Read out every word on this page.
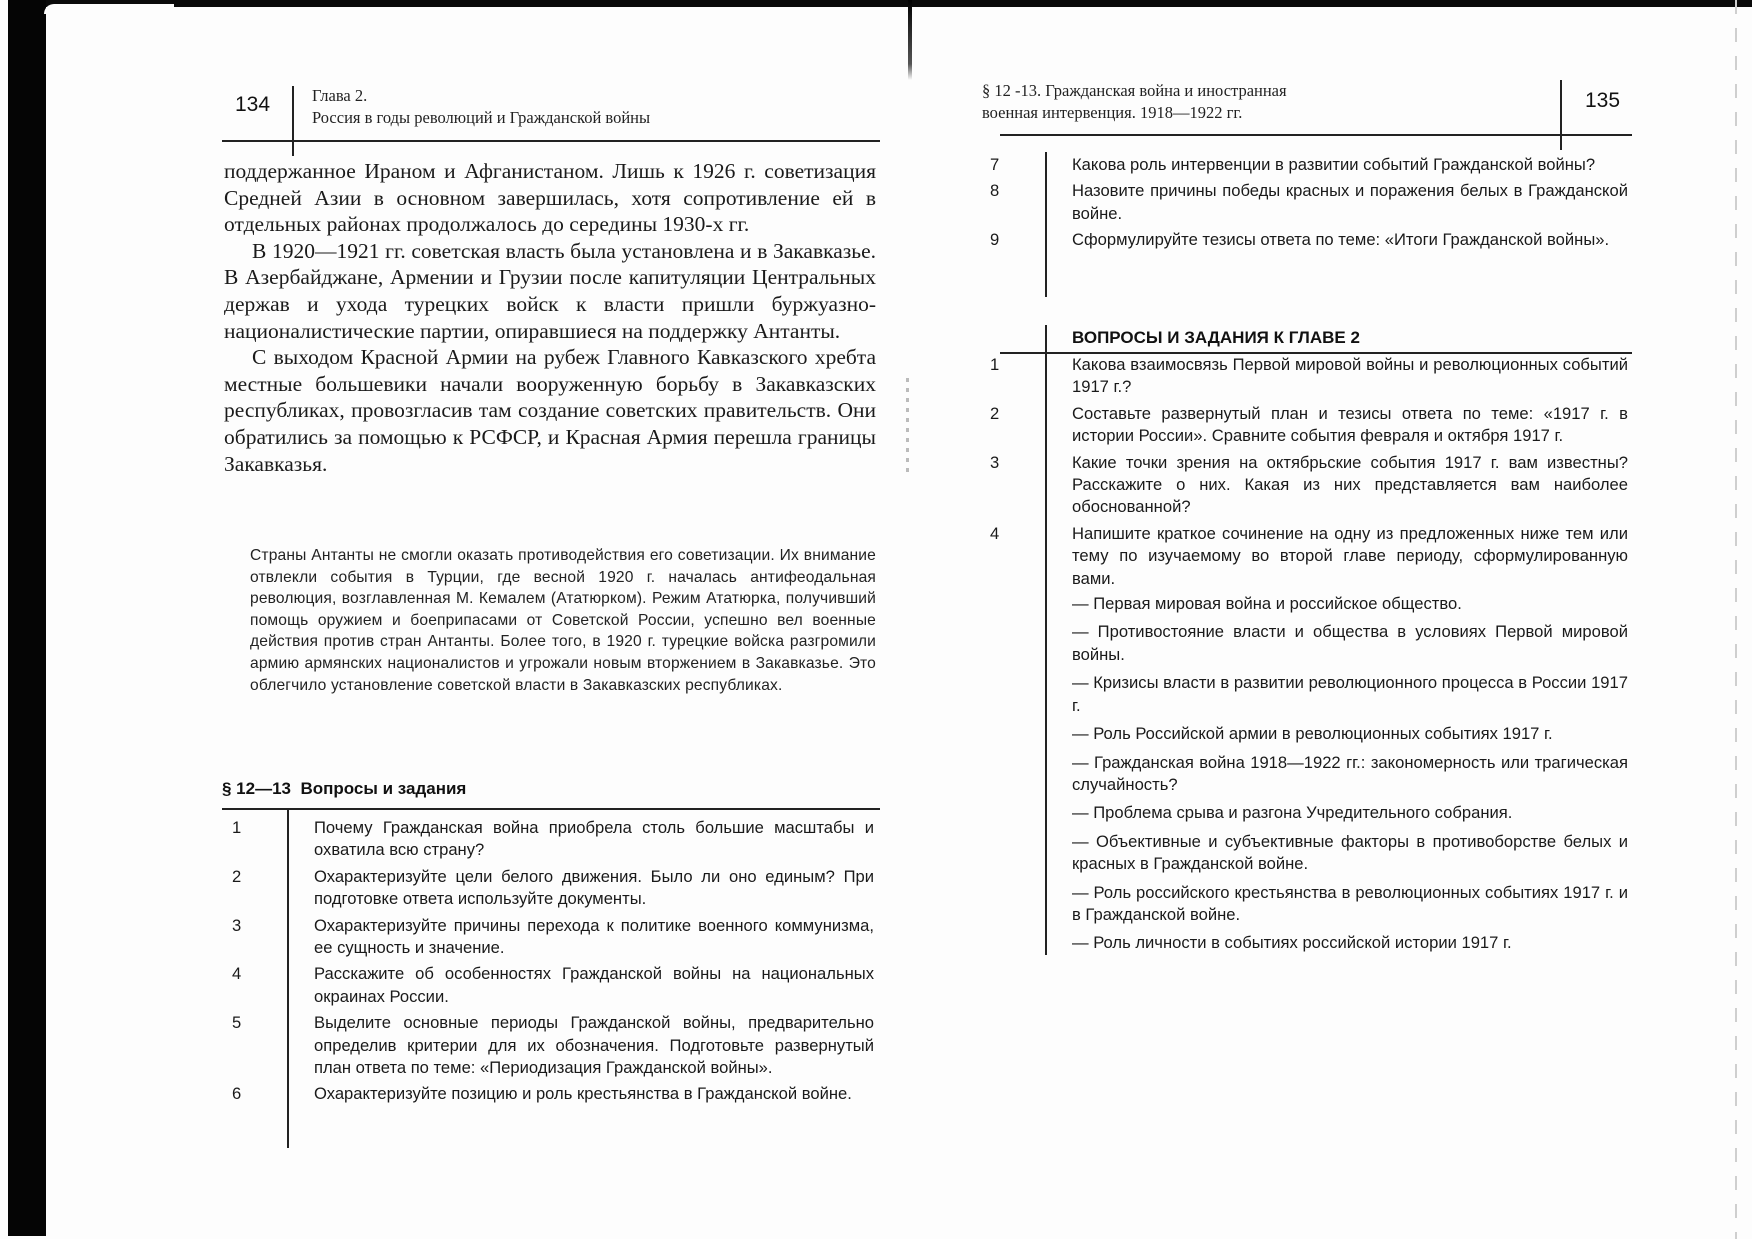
134	Глава 2.
Россия в годы революций и Гражданской войны

поддержанное Ираном и Афганистаном. Лишь к 1926 г. советизация Средней Азии в основном завершилась, хотя сопротивление ей в отдельных районах продолжалось до середины 1930-х гг.

В 1920—1921 гг. советская власть была установлена и в Закавказье. В Азербайджане, Армении и Грузии после капитуляции Центральных держав и ухода турецких войск к власти пришли буржуазно-националистические партии, опиравшиеся на поддержку Антанты.

С выходом Красной Армии на рубеж Главного Кавказского хребта местные большевики начали вооруженную борьбу в Закавказских республиках, провозгласив там создание советских правительств. Они обратились за помощью к РСФСР, и Красная Армия перешла границы Закавказья.

Страны Антанты не смогли оказать противодействия его советизации. Их внимание отвлекли события в Турции, где весной 1920 г. началась антифеодальная революция, возглавленная М. Кемалем (Ататюрком). Режим Ататюрка, получивший помощь оружием и боеприпасами от Советской России, успешно вел военные действия против стран Антанты. Более того, в 1920 г. турецкие войска разгромили армию армянских националистов и угрожали новым вторжением в Закавказье. Это облегчило установление советской власти в Закавказских республиках.
§ 12—13  Вопросы и задания
1	Почему Гражданская война приобрела столь большие масштабы и охватила всю страну?
2	Охарактеризуйте цели белого движения. Было ли оно единым? При подготовке ответа используйте документы.
3	Охарактеризуйте причины перехода к политике военного коммунизма, ее сущность и значение.
4	Расскажите об особенностях Гражданской войны на национальных окраинах России.
5	Выделите основные периоды Гражданской войны, предварительно определив критерии для их обозначения. Подготовьте развернутый план ответа по теме: «Периодизация Гражданской войны».
6	Охарактеризуйте позицию и роль крестьянства в Гражданской войне.
§ 12 -13. Гражданская война и иностранная
военная интервенция. 1918—1922 гг.
135
7	Какова роль интервенции в развитии событий Гражданской войны?
8	Назовите причины победы красных и поражения белых в Гражданской войне.
9	Сформулируйте тезисы ответа по теме: «Итоги Гражданской войны».
ВОПРОСЫ И ЗАДАНИЯ К ГЛАВЕ 2
1	Какова взаимосвязь Первой мировой войны и революционных событий 1917 г.?
2	Составьте развернутый план и тезисы ответа по теме: «1917 г. в истории России». Сравните события февраля и октября 1917 г.
3	Какие точки зрения на октябрьские события 1917 г. вам известны? Расскажите о них. Какая из них представляется вам наиболее обоснованной?
4	Напишите краткое сочинение на одну из предложенных ниже тем или тему по изучаемому во второй главе периоду, сформулированную вами.
— Первая мировая война и российское общество.
— Противостояние власти и общества в условиях Первой мировой войны.
— Кризисы власти в развитии революционного процесса в России 1917 г.
— Роль Российской армии в революционных событиях 1917 г.
— Гражданская война 1918—1922 гг.: закономерность или трагическая случайность?
— Проблема срыва и разгона Учредительного собрания.
— Объективные и субъективные факторы в противоборстве белых и красных в Гражданской войне.
— Роль российского крестьянства в революционных событиях 1917 г. и в Гражданской войне.
— Роль личности в событиях российской истории 1917 г.
